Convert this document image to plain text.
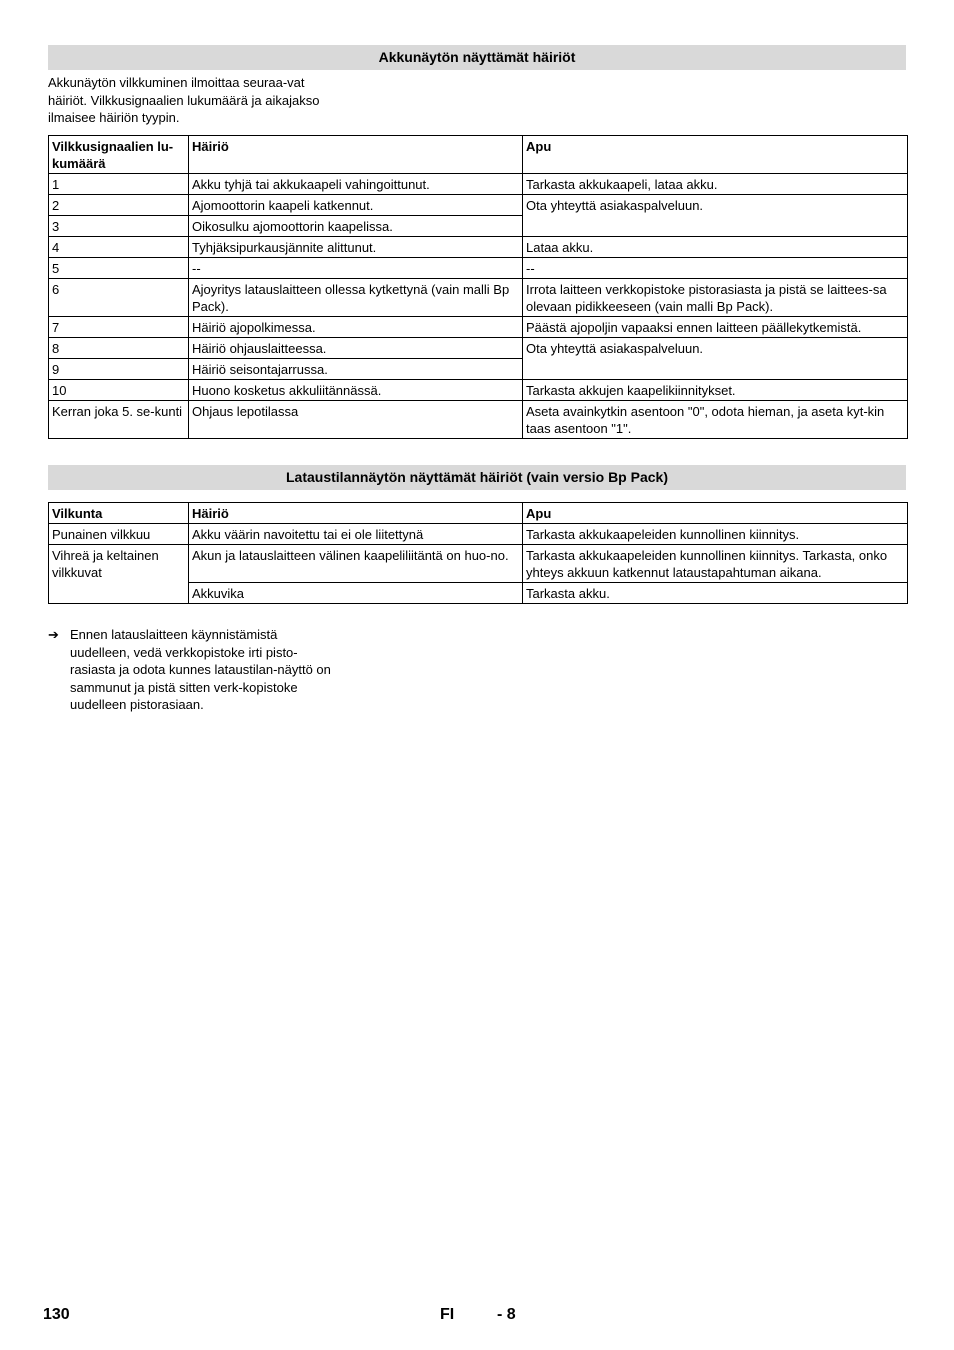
Akkunäytön näyttämät häiriöt
Akkunäytön vilkkuminen ilmoittaa seuraa-vat häiriöt. Vilkkusignaalien lukumäärä ja aikajakso ilmaisee häiriön tyypin.
Vilkkusignaalien lu-kumäärä	Häiriö	Apu
1	Akku tyhjä tai akkukaapeli vahingoittunut.	Tarkasta akkukaapeli, lataa akku.
2	Ajomoottorin kaapeli katkennut.	Ota yhteyttä asiakaspalveluun.
3	Oikosulku ajomoottorin kaapelissa.	
4	Tyhjäksipurkausjännite alittunut.	Lataa akku.
5	--	--
6	Ajoyritys latauslaitteen ollessa kytkettynä (vain malli Bp Pack).	Irrota laitteen verkkopistoke pistorasiasta ja pistä se laittees-sa olevaan pidikkeeseen (vain malli Bp Pack).
7	Häiriö ajopolkimessa.	Päästä ajopoljin vapaaksi ennen laitteen päällekytkemistä.
8	Häiriö ohjauslaitteessa.	Ota yhteyttä asiakaspalveluun.
9	Häiriö seisontajarrussa.	
10	Huono kosketus akkuliitännässä.	Tarkasta akkujen kaapelikiinnitykset.
Kerran joka 5. se-kunti	Ohjaus lepotilassa	Aseta avainkytkin asentoon "0", odota hieman, ja aseta kyt-kin taas asentoon "1".
Lataustilannäytön näyttämät häiriöt (vain versio Bp Pack)
Vilkunta	Häiriö	Apu
Punainen vilkkuu	Akku väärin navoitettu tai ei ole liitettynä	Tarkasta akkukaapeleiden kunnollinen kiinnitys.
Vihreä ja keltainen vilkkuvat	Akun ja latauslaitteen välinen kaapeliliitäntä on huo-no.	Tarkasta akkukaapeleiden kunnollinen kiinnitys. Tarkasta, onko yhteys akkuun katkennut lataustapahtuman aikana.
	Akkuvika	Tarkasta akku.
➔ Ennen latauslaitteen käynnistämistä uudelleen, vedä verkkopistoke irti pisto-rasiasta ja odota kunnes lataustilan-näyttö on sammunut ja pistä sitten verk-kopistoke uudelleen pistorasiaan.
130	FI	- 8
